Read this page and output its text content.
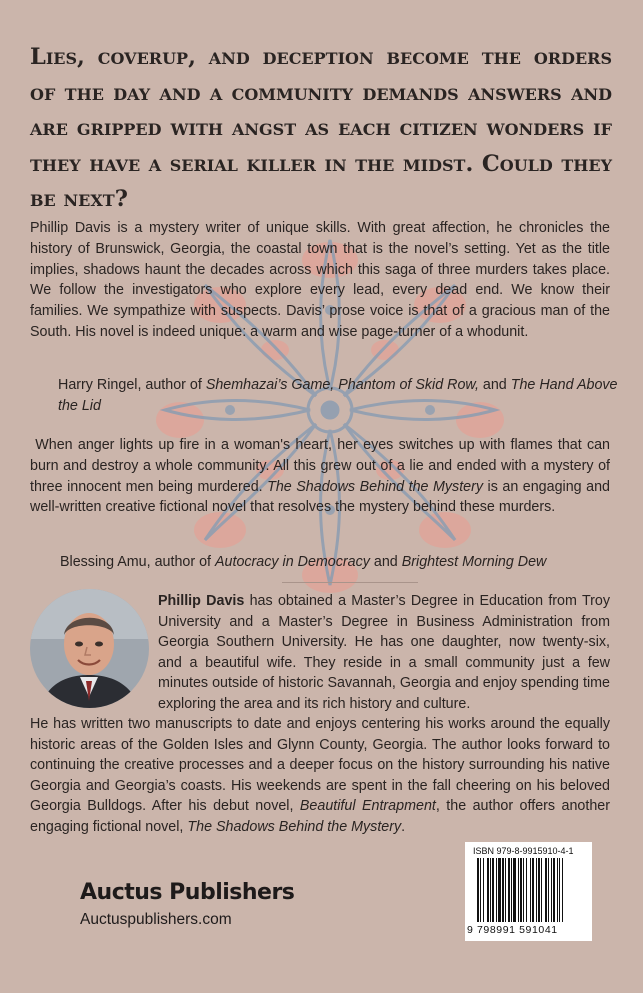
Lies, coverup, and deception become the orders of the day and a community demands answers and are gripped with angst as each citizen wonders if they have a serial killer in the midst. Could they be next?

Phillip Davis is a mystery writer of unique skills. With great affection, he chronicles the history of Brunswick, Georgia, the coastal town that is the novel’s setting. Yet as the title implies, shadows haunt the decades across which this saga of three murders takes place. We follow the investigators who explore every lead, every dead end. We know their families. We sympathize with suspects. Davis’ prose voice is that of a gracious man of the South. His novel is indeed unique: a warm and wise page-turner of a whodunit.

Harry Ringel, author of Shemhazai’s Game, Phantom of Skid Row, and The Hand Above the Lid

When anger lights up fire in a woman's heart, her eyes switches up with flames that can burn and destroy a whole community. All this grew out of a lie and ended with a mystery of three innocent men being murdered. The Shadows Behind the Mystery is an engaging and well-written creative fictional novel that resolves the mystery behind these murders.

Blessing Amu, author of Autocracy in Democracy and Brightest Morning Dew

Phillip Davis has obtained a Master’s Degree in Education from Troy University and a Master’s Degree in Business Administration from Georgia Southern University. He has one daughter, now twenty-six, and a beautiful wife. They reside in a small community just a few minutes outside of historic Savannah, Georgia and enjoy spending time exploring the area and its rich history and culture.

He has written two manuscripts to date and enjoys centering his works around the equally historic areas of the Golden Isles and Glynn County, Georgia. The author looks forward to continuing the creative processes and a deeper focus on the history surrounding his native Georgia and Georgia’s coasts. His weekends are spent in the fall cheering on his beloved Georgia Bulldogs. After his debut novel, Beautiful Entrapment, the author offers another engaging fictional novel, The Shadows Behind the Mystery.

Auctus Publishers
Auctuspublishers.com
ISBN 979-8-9915910-4-1
9 798991 591041
